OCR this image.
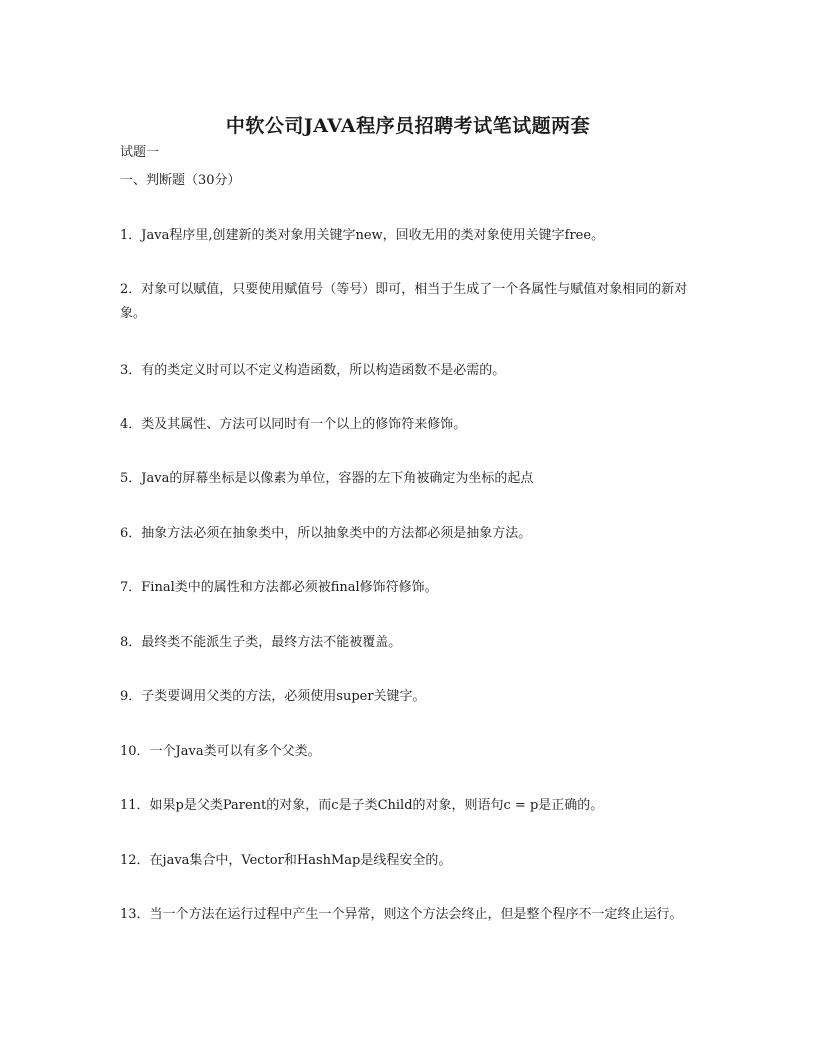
中软公司JAVA程序员招聘考试笔试题两套
试题一
一、判断题（30分）

1．Java程序里,创建新的类对象用关键字new，回收无用的类对象使用关键字free。

2．对象可以赋值，只要使用赋值号（等号）即可，相当于生成了一个各属性与赋值对象相同的新对象。

3．有的类定义时可以不定义构造函数，所以构造函数不是必需的。

4．类及其属性、方法可以同时有一个以上的修饰符来修饰。

5．Java的屏幕坐标是以像素为单位，容器的左下角被确定为坐标的起点

6．抽象方法必须在抽象类中，所以抽象类中的方法都必须是抽象方法。

7．Final类中的属性和方法都必须被final修饰符修饰。

8．最终类不能派生子类，最终方法不能被覆盖。

9．子类要调用父类的方法，必须使用super关键字。

10．一个Java类可以有多个父类。

11．如果p是父类Parent的对象，而c是子类Child的对象，则语句c = p是正确的。

12．在java集合中，Vector和HashMap是线程安全的。

13．当一个方法在运行过程中产生一个异常，则这个方法会终止，但是整个程序不一定终止运行。
